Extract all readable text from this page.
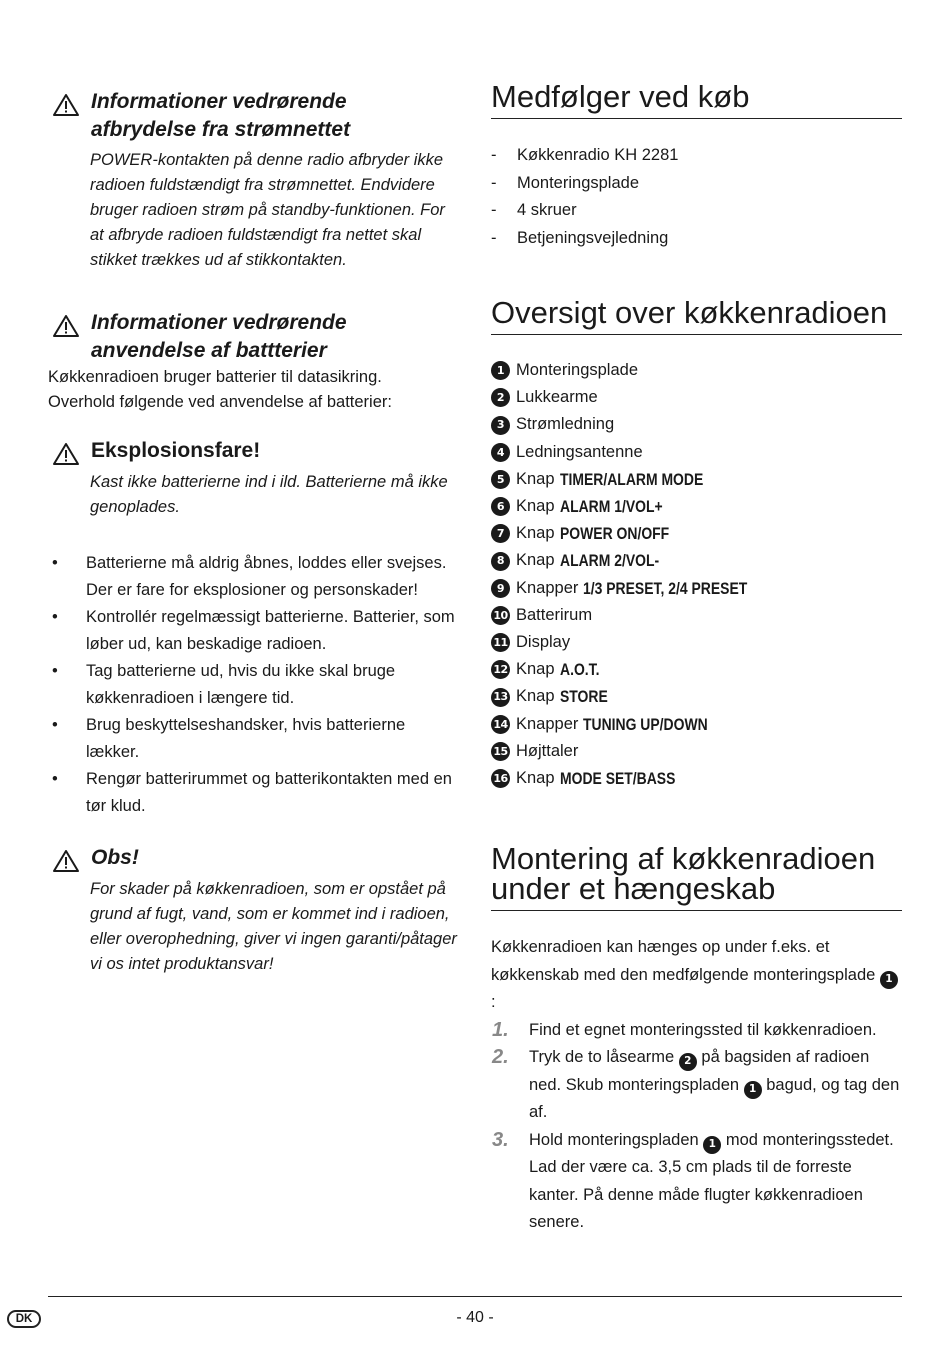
Informationer vedrørende
afbrydelse fra strømnettet
POWER-kontakten på denne radio afbryder ikke radioen fuldstændigt fra strømnettet. Endvidere bruger radioen strøm på standby-funktionen. For at afbryde radioen fuldstændigt fra nettet skal stikket trækkes ud af stikkontakten.
Informationer vedrørende
anvendelse af battterier
Køkkenradioen bruger batterier til datasikring.
Overhold følgende ved anvendelse af batterier:
Eksplosionsfare!
Kast ikke batterierne ind i ild. Batterierne må ikke genoplades.
• Batterierne må aldrig åbnes, loddes eller svejses. Der er fare for eksplosioner og personskader!
• Kontrollér regelmæssigt batterierne. Batterier, som løber ud, kan beskadige radioen.
• Tag batterierne ud, hvis du ikke skal bruge køkkenradioen i længere tid.
• Brug beskyttelseshandsker, hvis batterierne lækker.
• Rengør batterirummet og batterikontakten med en tør klud.
Obs!
For skader på køkkenradioen, som er opstået på grund af fugt, vand, som er kommet ind i radioen, eller overophedning, giver vi ingen garanti/påtager vi os intet produktansvar!
Medfølger ved køb
- Køkkenradio KH 2281
- Monteringsplade
- 4 skruer
- Betjeningsvejledning
Oversigt over køkkenradioen
1 Monteringsplade
2 Lukkearme
3 Strømledning
4 Ledningsantenne
5 Knap TIMER/ALARM MODE
6 Knap ALARM 1/VOL+
7 Knap POWER ON/OFF
8 Knap ALARM 2/VOL-
9 Knapper 1/3 PRESET, 2/4 PRESET
10 Batterirum
11 Display
12 Knap A.O.T.
13 Knap STORE
14 Knapper TUNING UP/DOWN
15 Højttaler
16 Knap MODE SET/BASS
Montering af køkkenradioen
under et hængeskab
Køkkenradioen kan hænges op under f.eks. et køkkenskab med den medfølgende monteringsplade 1:
1. Find et egnet monteringssted til køkkenradioen.
2. Tryk de to låsearme 2 på bagsiden af radioen ned. Skub monteringspladen 1 bagud, og tag den af.
3. Hold monteringspladen 1 mod monteringsstedet. Lad der være ca. 3,5 cm plads til de forreste kanter. På denne måde flugter køkkenradioen senere.
DK	- 40 -
